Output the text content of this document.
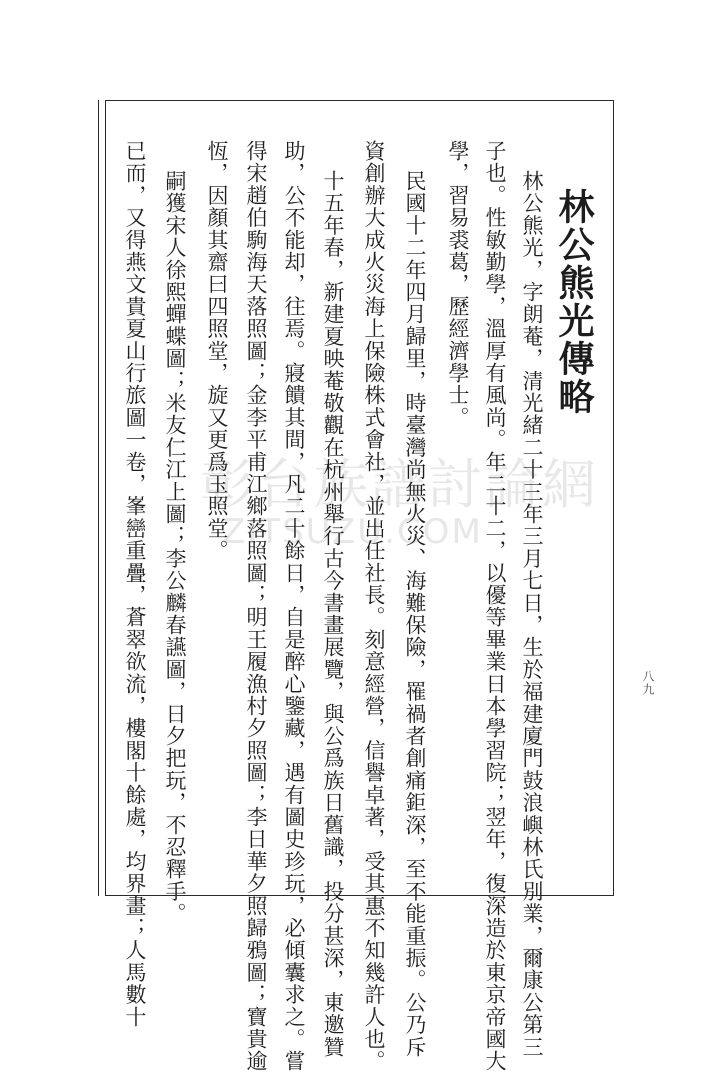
彰台族譜討論網
ZITSUZU.COM
林公熊光傳略
林公熊光，字朗菴，清光緒二十三年三月七日，生於福建廈門鼓浪嶼林氏別業，爾康公第三
子也。性敏勤學，溫厚有風尚。年二十二，以優等畢業日本學習院；翌年，復深造於東京帝國大
學，習易裘葛，歷經濟學士。
民國十二年四月歸里，時臺灣尚無火災、海難保險，罹禍者創痛鉅深，至不能重振。公乃斥
資創辦大成火災海上保險株式會社，並出任社長。刻意經營，信譽卓著，受其惠不知幾許人也。
十五年春，新建夏映菴敬觀在杭州舉行古今書畫展覽，與公爲族日舊識，投分甚深，東邀贊
助，公不能却，往焉。寢饋其間，凡二十餘日，自是醉心鑒藏，遇有圖史珍玩，必傾囊求之。嘗
得宋趙伯駒海天落照圖；金李平甫江鄉落照圖；明王履漁村夕照圖；李日華夕照歸鴉圖；寶貴逾
恆，因顏其齋曰四照堂，旋又更爲玉照堂。
嗣獲宋人徐熙蟬蝶圖；米友仁江上圖；李公麟春讌圖，日夕把玩，不忍釋手。
已而，又得燕文貴夏山行旅圖一卷，峯巒重疊，蒼翠欲流，樓閣十餘處，均界畫；人馬數十	八九
